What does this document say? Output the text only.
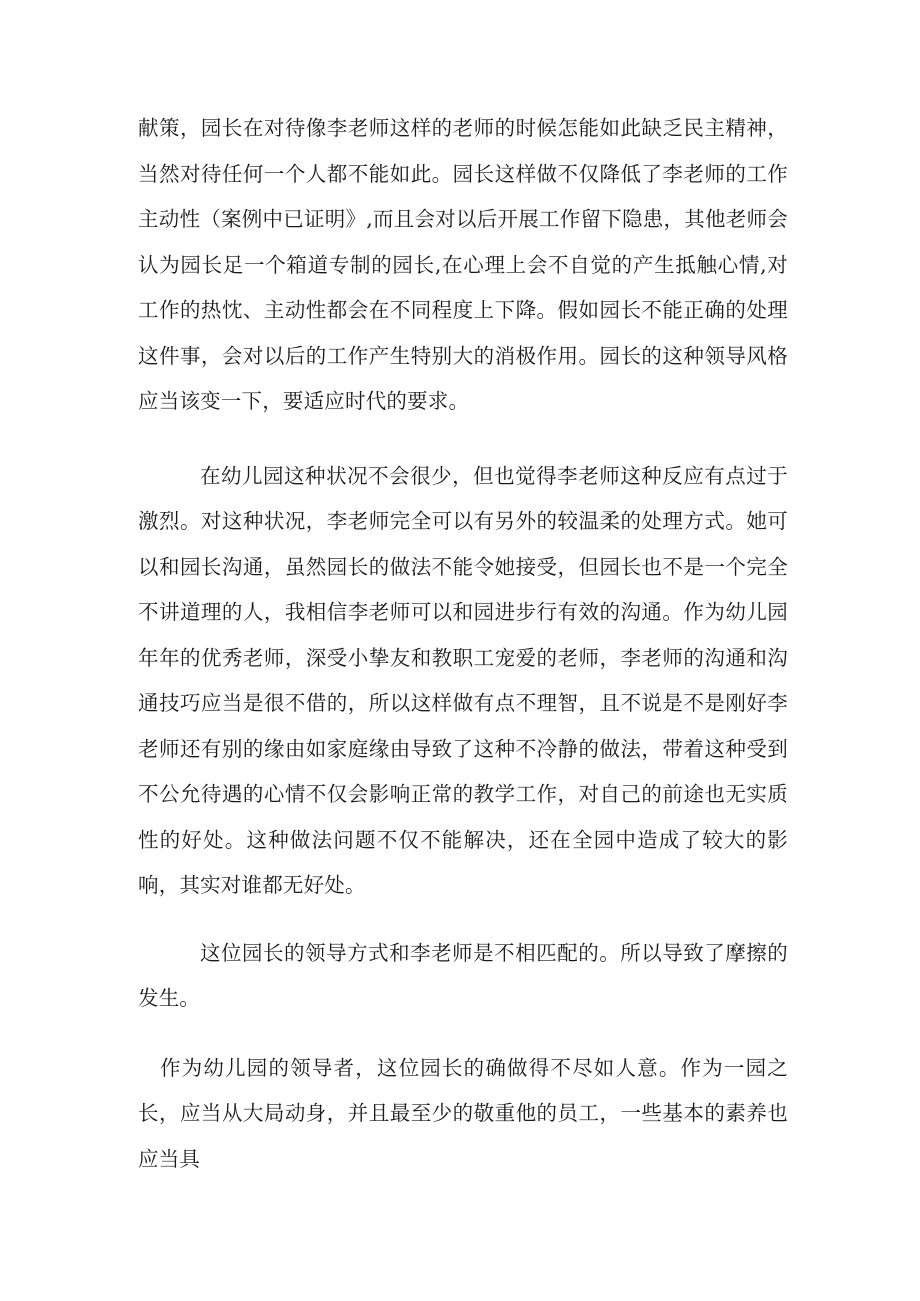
献策，园长在对待像李老师这样的老师的时候怎能如此缺乏民主精神，当然对待任何一个人都不能如此。园长这样做不仅降低了李老师的工作主动性（案例中已证明》,而且会对以后开展工作留下隐患，其他老师会认为园长足一个箱道专制的园长,在心理上会不自觉的产生抵触心情,对工作的热忱、主动性都会在不同程度上下降。假如园长不能正确的处理这件事，会对以后的工作产生特别大的消极作用。园长的这种领导风格应当该变一下，要适应时代的要求。

在幼儿园这种状况不会很少，但也觉得李老师这种反应有点过于激烈。对这种状况，李老师完全可以有另外的较温柔的处理方式。她可以和园长沟通，虽然园长的做法不能令她接受，但园长也不是一个完全不讲道理的人，我相信李老师可以和园进步行有效的沟通。作为幼儿园年年的优秀老师，深受小挚友和教职工宠爱的老师，李老师的沟通和沟通技巧应当是很不借的，所以这样做有点不理智，且不说是不是刚好李老师还有别的缘由如家庭缘由导致了这种不冷静的做法，带着这种受到不公允待遇的心情不仅会影响正常的教学工作，对自己的前途也无实质性的好处。这种做法问题不仅不能解决，还在全园中造成了较大的影响，其实对谁都无好处。

这位园长的领导方式和李老师是不相匹配的。所以导致了摩擦的发生。

作为幼儿园的领导者，这位园长的确做得不尽如人意。作为一园之长，应当从大局动身，并且最至少的敬重他的员工，一些基本的素养也应当具
